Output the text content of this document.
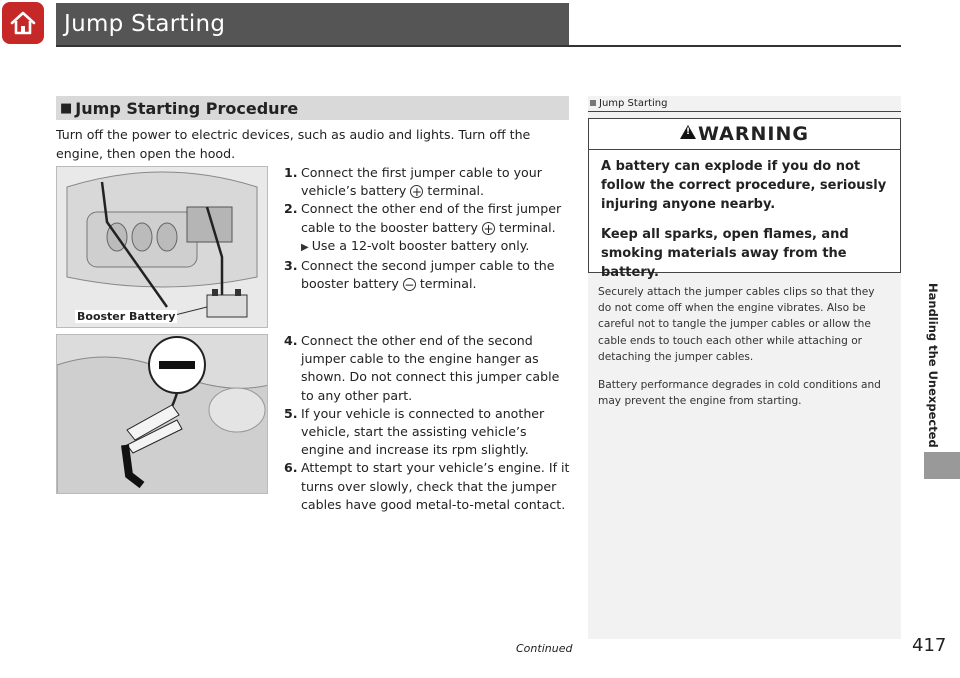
Jump Starting
■ Jump Starting Procedure
Turn off the power to electric devices, such as audio and lights. Turn off the engine, then open the hood.
Booster Battery
1. Connect the first jumper cable to your vehicle’s battery + terminal.
2. Connect the other end of the first jumper cable to the booster battery + terminal.
▶ Use a 12-volt booster battery only.
3. Connect the second jumper cable to the booster battery − terminal.
4. Connect the other end of the second jumper cable to the engine hanger as shown. Do not connect this jumper cable to any other part.
5. If your vehicle is connected to another vehicle, start the assisting vehicle’s engine and increase its rpm slightly.
6. Attempt to start your vehicle’s engine. If it turns over slowly, check that the jumper cables have good metal-to-metal contact.
Jump Starting
!WARNING

A battery can explode if you do not follow the correct procedure, seriously injuring anyone nearby.

Keep all sparks, open flames, and smoking materials away from the battery.

Securely attach the jumper cables clips so that they do not come off when the engine vibrates. Also be careful not to tangle the jumper cables or allow the cable ends to touch each other while attaching or detaching the jumper cables.

Battery performance degrades in cold conditions and may prevent the engine from starting.	Handling the Unexpected
Continued	417
